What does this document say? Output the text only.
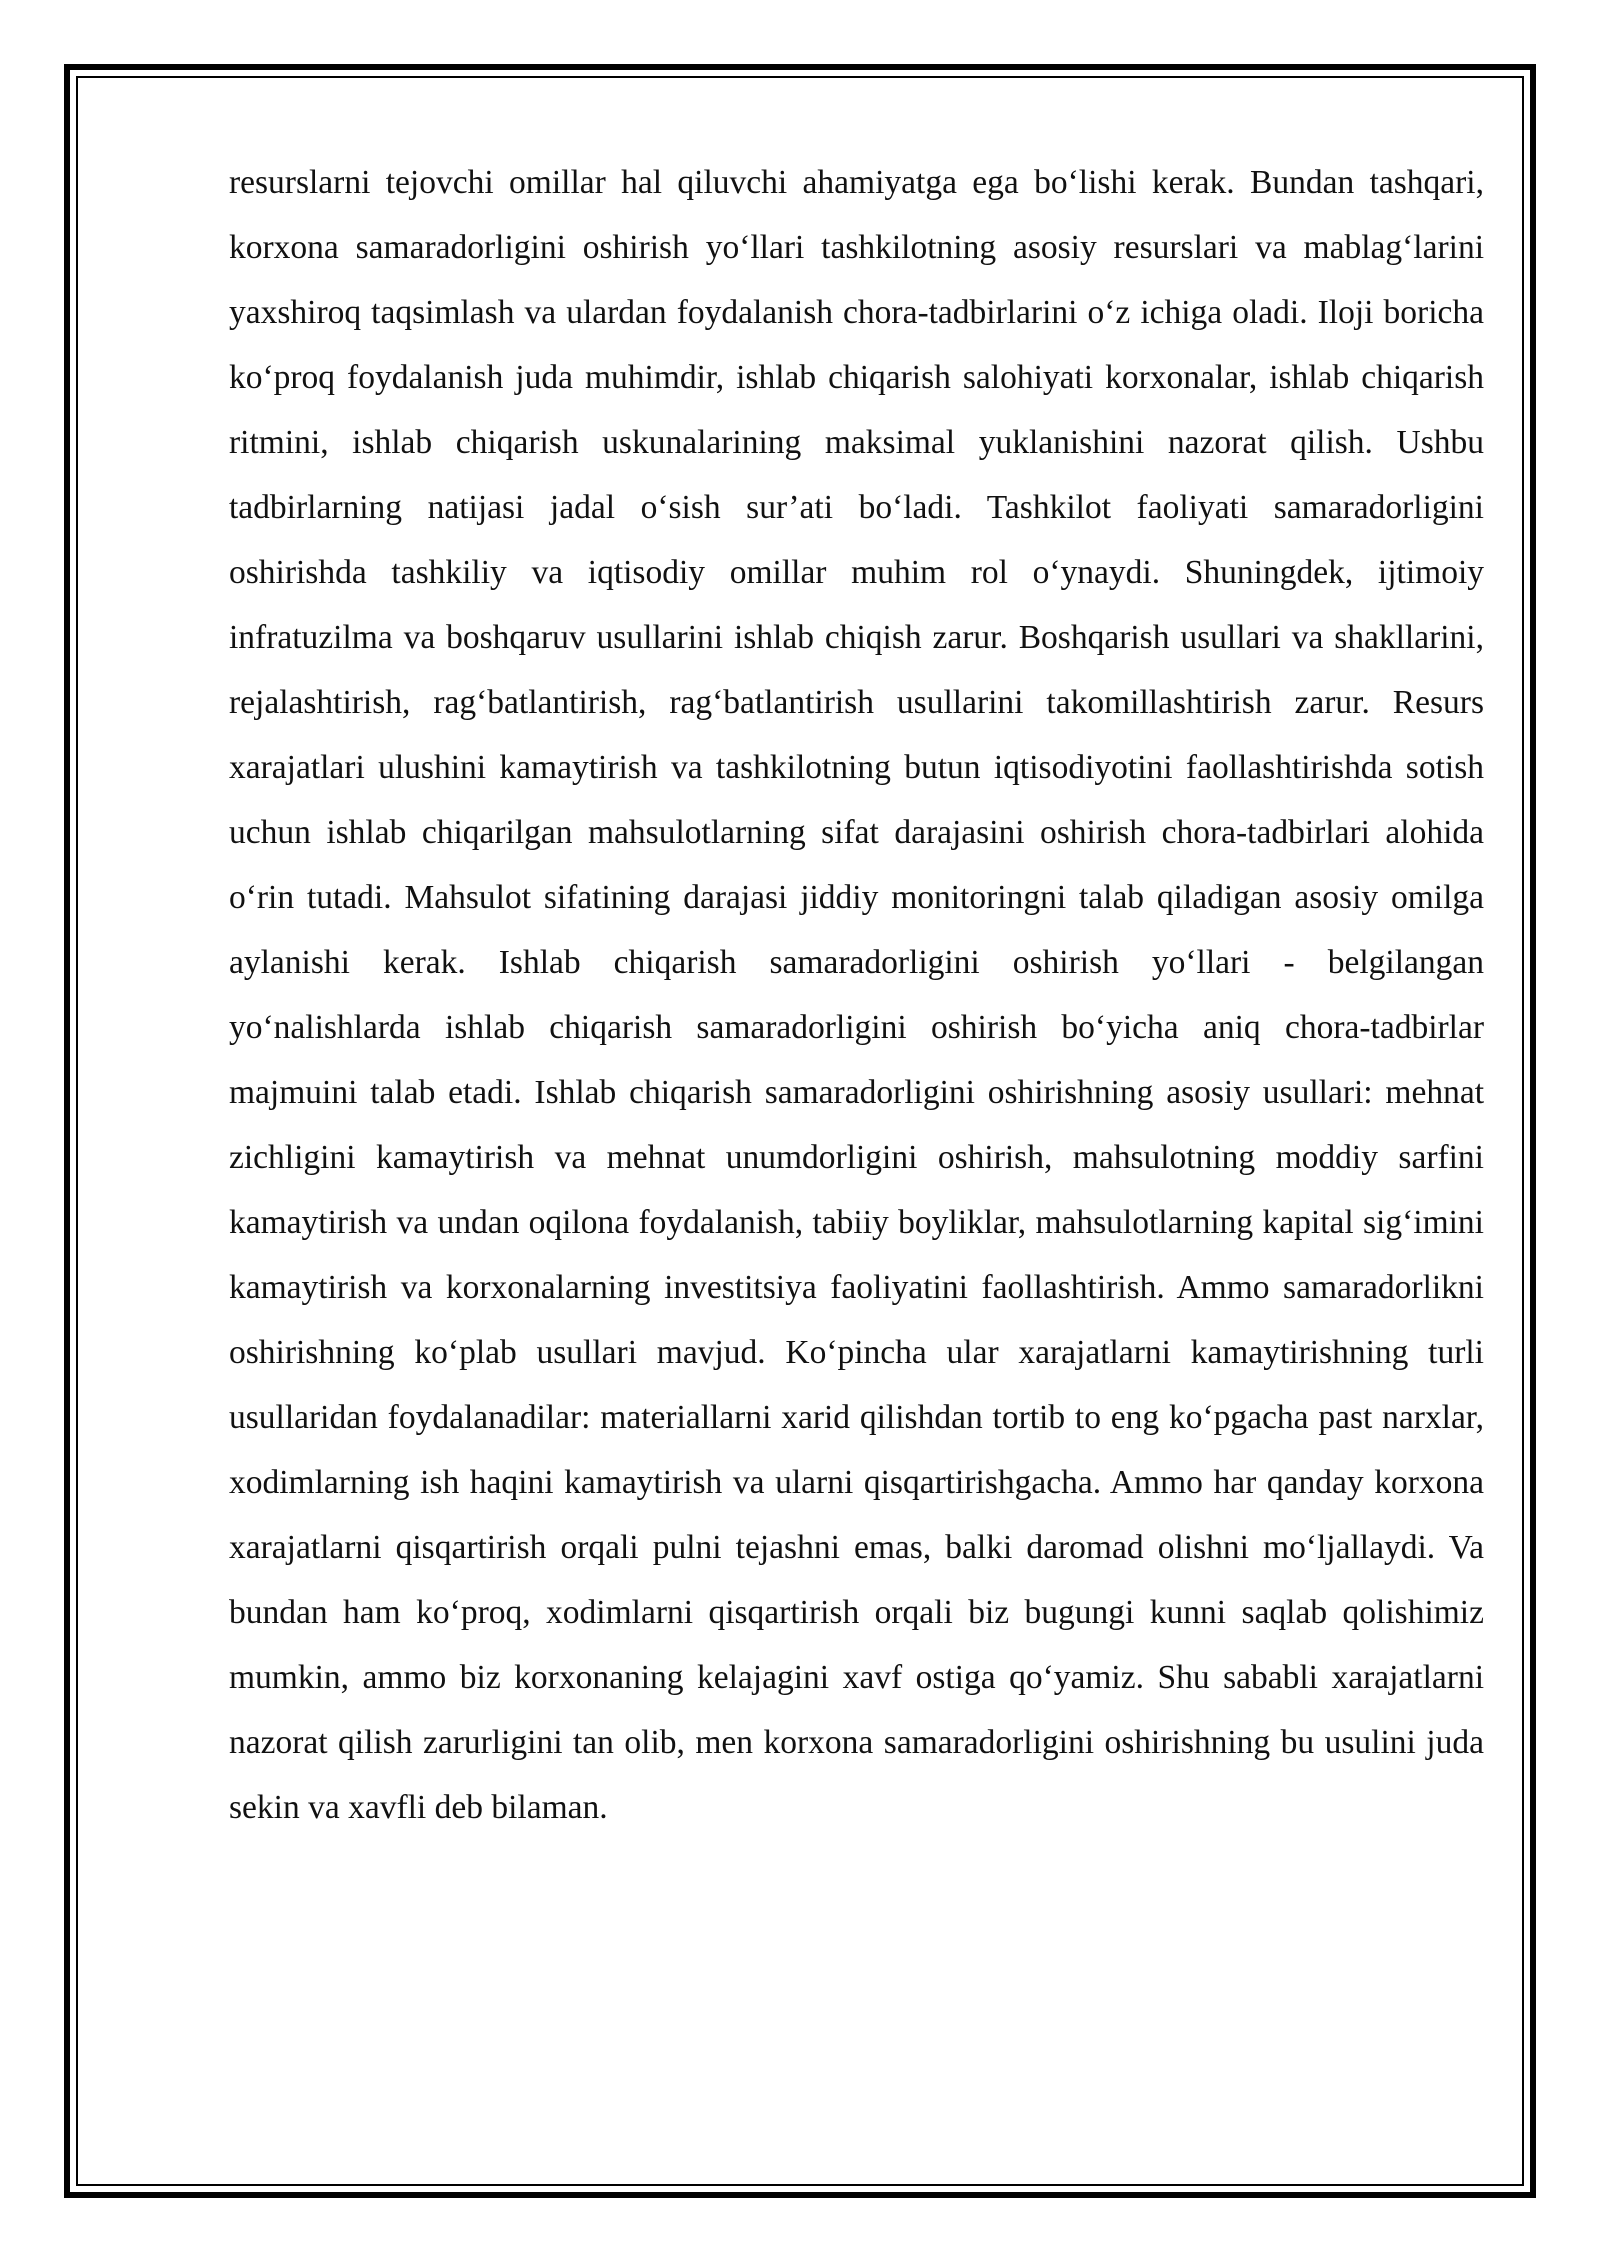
resurslarni tejovchi omillar hal qiluvchi ahamiyatga ega bo‘lishi kerak. Bundan tashqari, korxona samaradorligini oshirish yo‘llari tashkilotning asosiy resurslari va mablag‘larini yaxshiroq taqsimlash va ulardan foydalanish chora-tadbirlarini o‘z ichiga oladi. Iloji boricha ko‘proq foydalanish juda muhimdir, ishlab chiqarish salohiyati korxonalar, ishlab chiqarish ritmini, ishlab chiqarish uskunalarining maksimal yuklanishini nazorat qilish. Ushbu tadbirlarning natijasi jadal o‘sish sur’ati bo‘ladi. Tashkilot faoliyati samaradorligini oshirishda tashkiliy va iqtisodiy omillar muhim rol o‘ynaydi. Shuningdek, ijtimoiy infratuzilma va boshqaruv usullarini ishlab chiqish zarur. Boshqarish usullari va shakllarini, rejalashtirish, rag‘batlantirish, rag‘batlantirish usullarini takomillashtirish zarur. Resurs xarajatlari ulushini kamaytirish va tashkilotning butun iqtisodiyotini faollashtirishda sotish uchun ishlab chiqarilgan mahsulotlarning sifat darajasini oshirish chora-tadbirlari alohida o‘rin tutadi. Mahsulot sifatining darajasi jiddiy monitoringni talab qiladigan asosiy omilga aylanishi kerak. Ishlab chiqarish samaradorligini oshirish yo‘llari - belgilangan yo‘nalishlarda ishlab chiqarish samaradorligini oshirish bo‘yicha aniq chora-tadbirlar majmuini talab etadi. Ishlab chiqarish samaradorligini oshirishning asosiy usullari: mehnat zichligini kamaytirish va mehnat unumdorligini oshirish, mahsulotning moddiy sarfini kamaytirish va undan oqilona foydalanish, tabiiy boyliklar, mahsulotlarning kapital sig‘imini kamaytirish va korxonalarning investitsiya faoliyatini faollashtirish. Ammo samaradorlikni oshirishning ko‘plab usullari mavjud. Ko‘pincha ular xarajatlarni kamaytirishning turli usullaridan foydalanadilar: materiallarni xarid qilishdan tortib to eng ko‘pgacha past narxlar, xodimlarning ish haqini kamaytirish va ularni qisqartirishgacha. Ammo har qanday korxona xarajatlarni qisqartirish orqali pulni tejashni emas, balki daromad olishni mo‘ljallaydi. Va bundan ham ko‘proq, xodimlarni qisqartirish orqali biz bugungi kunni saqlab qolishimiz mumkin, ammo biz korxonaning kelajagini xavf ostiga qo‘yamiz. Shu sababli xarajatlarni nazorat qilish zarurligini tan olib, men korxona samaradorligini oshirishning bu usulini juda sekin va xavfli deb bilaman.
